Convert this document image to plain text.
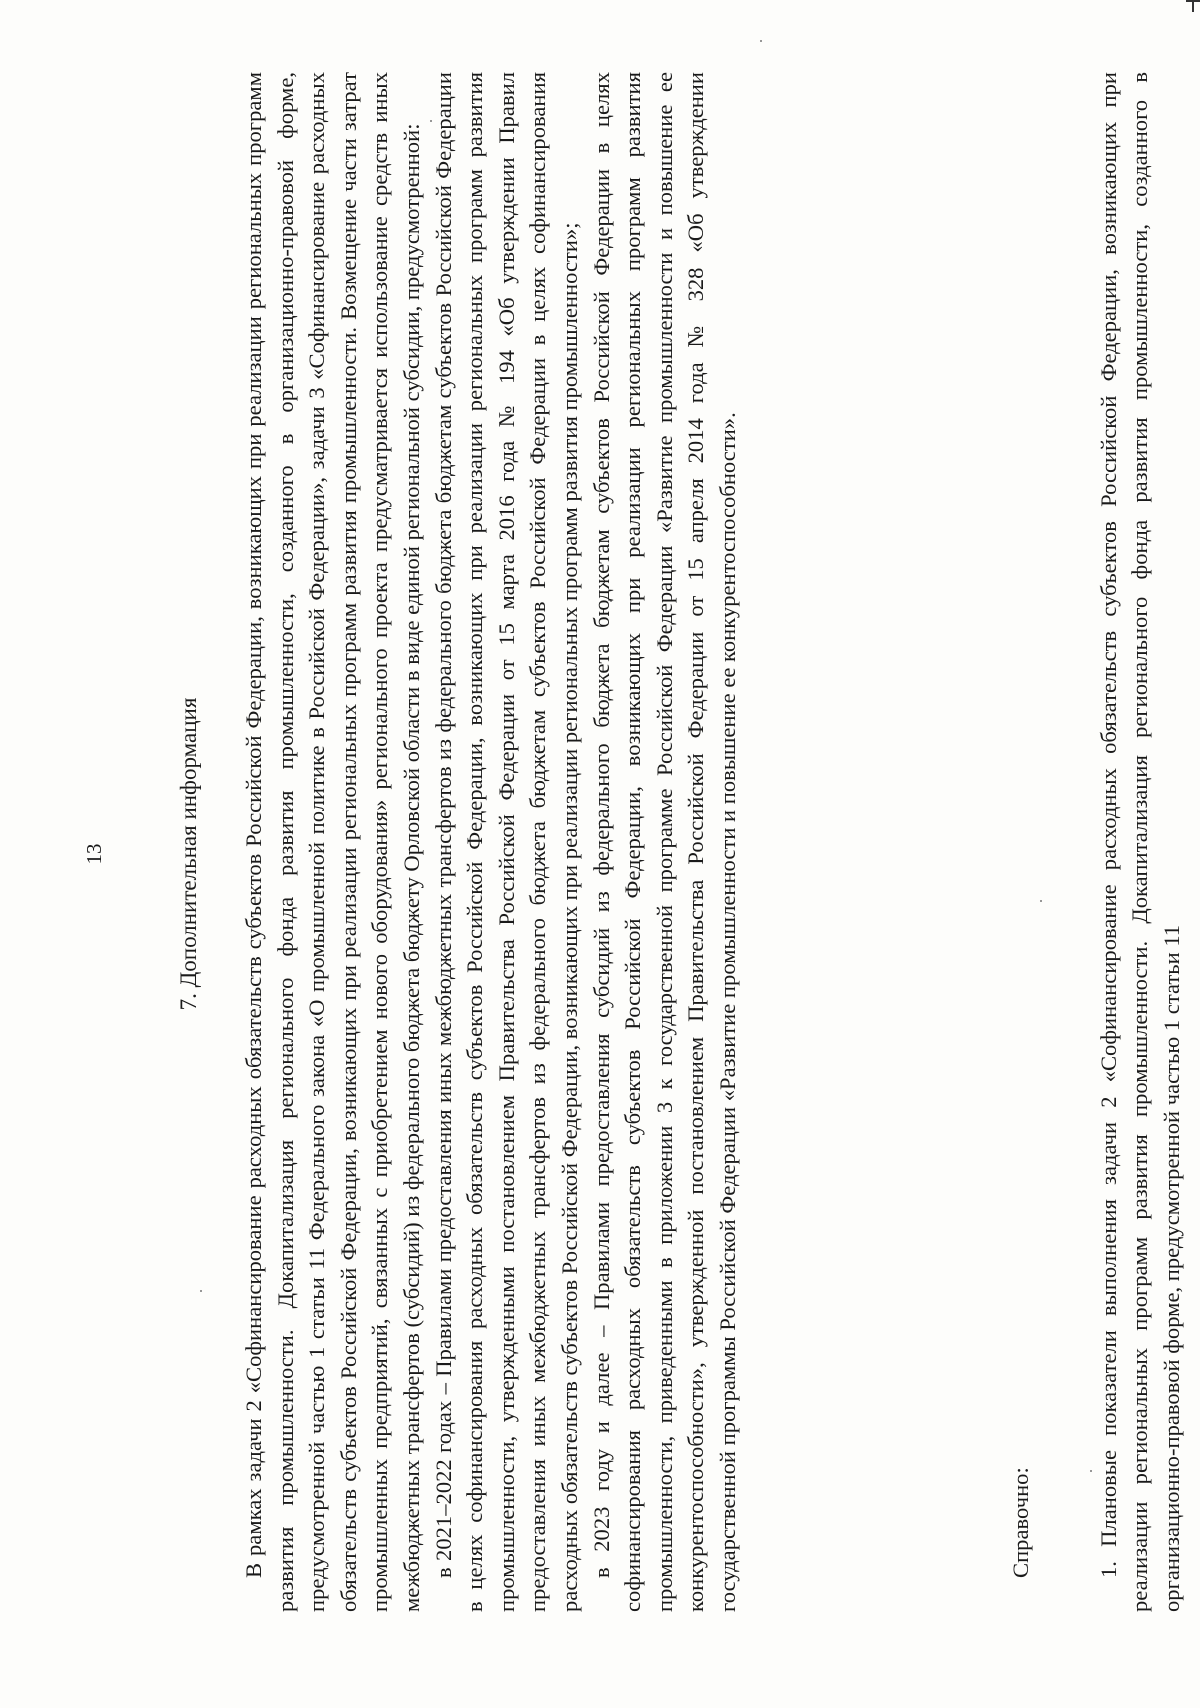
13	7. Дополнительная информация В рамках задачи 2 «Софинансирование расходных обязательств субъектов Российской Федерации, возникающих при реализации региональных программ развития промышленности. Докапитализация регионального фонда развития промышленности, созданного в организационно-правовой форме, предусмотренной частью 1 статьи 11 Федерального закона «О промышленной политике в Российской Федерации», задачи 3 «Софинансирование расходных обязательств субъектов Российской Федерации, возникающих при реализации региональных программ развития промышленности. Возмещение части затрат промышленных предприятий, связанных с приобретением нового оборудования» регионального проекта предусматривается использование средств иных межбюджетных трансфертов (субсидий) из федерального бюджета бюджету Орловской области в виде единой региональной субсидии, предусмотренной: в 2021–2022 годах – Правилами предоставления иных межбюджетных трансфертов из федерального бюджета бюджетам субъектов Российской Федерации в целях софинансирования расходных обязательств субъектов Российской Федерации, возникающих при реализации региональных программ развития промышленности, утвержденными постановлением Правительства Российской Федерации от 15 марта 2016 года № 194 «Об утверждении Правил предоставления иных межбюджетных трансфертов из федерального бюджета бюджетам субъектов Российской Федерации в целях софинансирования расходных обязательств субъектов Российской Федерации, возникающих при реализации региональных программ развития промышленности»; в 2023 году и далее – Правилами предоставления субсидий из федерального бюджета бюджетам субъектов Российской Федерации в целях софинансирования расходных обязательств субъектов Российской Федерации, возникающих при реализации региональных программ развития промышленности, приведенными в приложении 3 к государственной программе Российской Федерации «Развитие промышленности и повышение ее конкурентоспособности», утвержденной постановлением Правительства Российской Федерации от 15 апреля 2014 года № 328 «Об утверждении государственной программы Российской Федерации «Развитие промышленности и повышение ее конкурентоспособности».	Справочно:	1. Плановые показатели выполнения задачи 2 «Софинансирование расходных обязательств субъектов Российской Федерации, возникающих при реализации региональных программ развития промышленности. Докапитализация регионального фонда развития промышленности, созданного в организационно-правовой форме, предусмотренной частью 1 статьи 11
